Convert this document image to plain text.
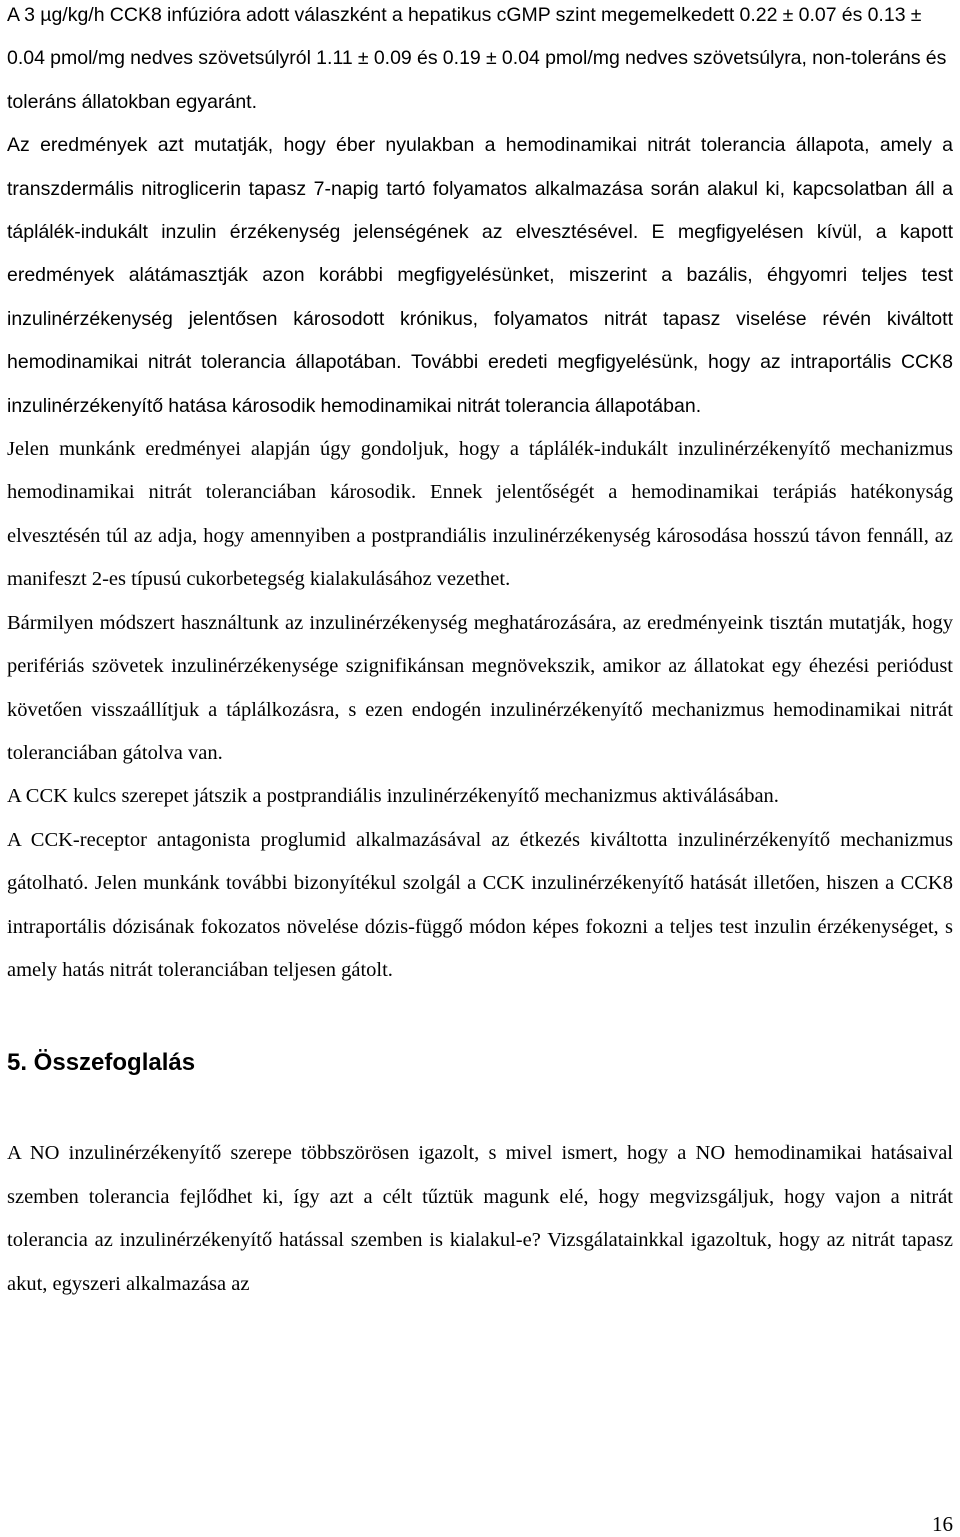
A 3 µg/kg/h CCK8 infúzióra adott válaszként a hepatikus cGMP szint megemelkedett 0.22 ± 0.07 és 0.13 ± 0.04 pmol/mg nedves szövetsúlyról 1.11 ± 0.09 és 0.19 ± 0.04 pmol/mg nedves szövetsúlyra, non-toleráns és toleráns állatokban egyaránt.

Az eredmények azt mutatják, hogy éber nyulakban a hemodinamikai nitrát tolerancia állapota, amely a transzdermális nitroglicerin tapasz 7-napig tartó folyamatos alkalmazása során alakul ki, kapcsolatban áll a táplálék-indukált inzulin érzékenység jelenségének az elvesztésével. E megfigyelésen kívül, a kapott eredmények alátámasztják azon korábbi megfigyelésünket, miszerint a bazális, éhgyomri teljes test inzulinérzékenység jelentősen károsodott krónikus, folyamatos nitrát tapasz viselése révén kiváltott hemodinamikai nitrát tolerancia állapotában. További eredeti megfigyelésünk, hogy az intraportális CCK8 inzulinérzékenyítő hatása károsodik hemodinamikai nitrát tolerancia állapotában.

Jelen munkánk eredményei alapján úgy gondoljuk, hogy a táplálék-indukált inzulinérzékenyítő mechanizmus hemodinamikai nitrát toleranciában károsodik. Ennek jelentőségét a hemodinamikai terápiás hatékonyság elvesztésén túl az adja, hogy amennyiben a postprandiális inzulinérzékenység károsodása hosszú távon fennáll, az manifeszt 2-es típusú cukorbetegség kialakulásához vezethet.

Bármilyen módszert használtunk az inzulinérzékenység meghatározására, az eredményeink tisztán mutatják, hogy perifériás szövetek inzulinérzékenysége szignifikánsan megnövekszik, amikor az állatokat egy éhezési periódust követően visszaállítjuk a táplálkozásra, s ezen endogén inzulinérzékenyítő mechanizmus hemodinamikai nitrát toleranciában gátolva van.

A CCK kulcs szerepet játszik a postprandiális inzulinérzékenyítő mechanizmus aktiválásában.

A CCK-receptor antagonista proglumid alkalmazásával az étkezés kiváltotta inzulinérzékenyítő mechanizmus gátolható. Jelen munkánk további bizonyítékul szolgál a CCK inzulinérzékenyítő hatását illetően, hiszen a CCK8 intraportális dózisának fokozatos növelése dózis-függő módon képes fokozni a teljes test inzulin érzékenységet, s amely hatás nitrát toleranciában teljesen gátolt.

5. Összefoglalás

A NO inzulinérzékenyítő szerepe többszörösen igazolt, s mivel ismert, hogy a NO hemodinamikai hatásaival szemben tolerancia fejlődhet ki, így azt a célt tűztük magunk elé, hogy megvizsgáljuk, hogy vajon a nitrát tolerancia az inzulinérzékenyítő hatással szemben is kialakul-e? Vizsgálatainkkal igazoltuk, hogy az nitrát tapasz akut, egyszeri alkalmazása az

16
